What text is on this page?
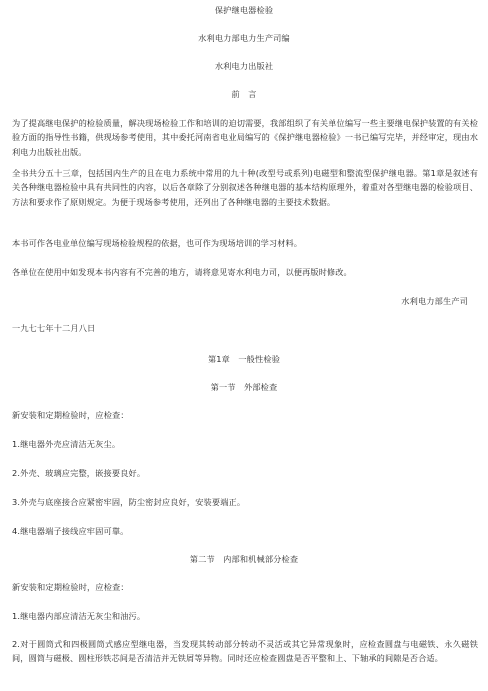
保护继电器检验
水利电力部电力生产司编
水利电力出版社
前　言
为了提高继电保护的检验质量，解决现场检验工作和培训的迫切需要，我部组织了有关单位编写一些主要继电保护装置的有关检验方面的指导性书籍，供现场参考使用，其中委托河南省电业局编写的《保护继电器检验》一书已编写完毕，并经审定，现由水利电力出版社出版。
全书共分五十三章，包括国内生产的且在电力系统中常用的九十种(改型号或系列)电磁型和整流型保护继电器。第1章是叙述有关各种继电器检验中具有共同性的内容，以后各章除了分别叙述各种继电器的基本结构原理外，着重对各型继电器的检验项目、方法和要求作了原则规定。为便于现场参考使用，还列出了各种继电器的主要技术数据。
本书可作各电业单位编写现场检验规程的依据，也可作为现场培训的学习材料。
各单位在使用中如发现本书内容有不完善的地方，请将意见寄水利电力司，以便再版时修改。
水利电力部生产司
一九七七年十二月八日
第1章　一般性检验
第一节　外部检查
新安装和定期检验时，应检查：
1.继电器外壳应清洁无灰尘。
2.外壳、玻璃应完整，嵌接要良好。
3.外壳与底座接合应紧密牢固，防尘密封应良好，安装要端正。
4.继电器端子接线应牢固可靠。
第二节　内部和机械部分检查
新安装和定期检验时，应检查：
1.继电器内部应清洁无灰尘和油污。
2.对于圆筒式和四极圆筒式感应型继电器，当发现其转动部分转动不灵活或其它异常现象时，应检查圆盘与电磁铁、永久磁铁间，圆筒与磁极、圆柱形铁芯间是否清洁并无铁屑等异物。同时还应检查圆盘是否平整和上、下轴承的间隙是否合适。
